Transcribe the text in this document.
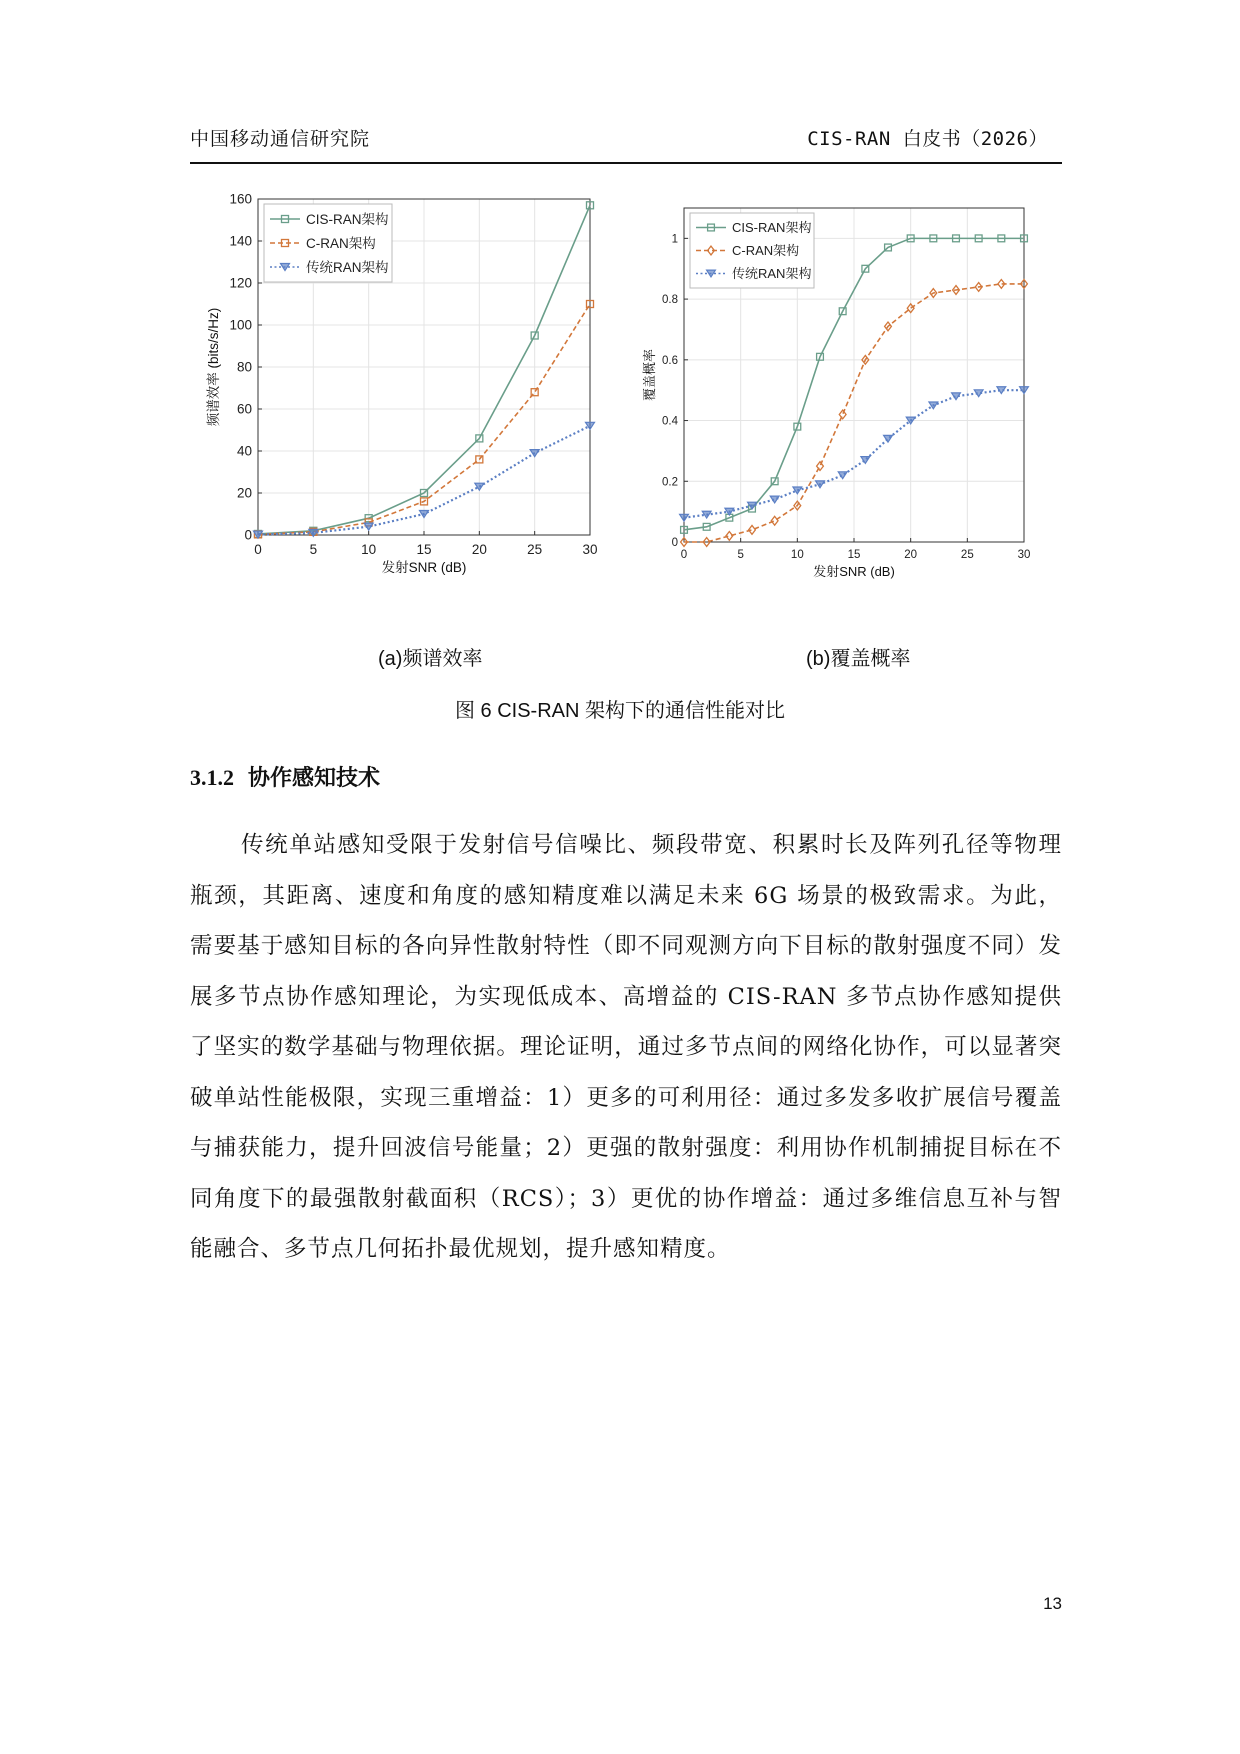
中国移动通信研究院	CIS-RAN 白皮书（2026）
0	5	10	15	20	25	30
0
20
40
60
80
100
120
140
160
发射SNR (dB)
频谱效率 (bits/s/Hz)
CIS-RAN架构
C-RAN架构
传统RAN架构
0	5	10	15	20	25	30
0
0.2
0.4
0.6
0.8
1
发射SNR (dB)
覆盖概率
CIS-RAN架构
C-RAN架构
传统RAN架构
(a)频谱效率	(b)覆盖概率
图 6 CIS-RAN 架构下的通信性能对比
3.1.2 协作感知技术
传统单站感知受限于发射信号信噪比、频段带宽、积累时长及阵列孔径等物理瓶颈，其距离、速度和角度的感知精度难以满足未来 6G 场景的极致需求。为此，需要基于感知目标的各向异性散射特性（即不同观测方向下目标的散射强度不同）发展多节点协作感知理论，为实现低成本、高增益的 CIS-RAN 多节点协作感知提供了坚实的数学基础与物理依据。理论证明，通过多节点间的网络化协作，可以显著突破单站性能极限，实现三重增益：1）更多的可利用径：通过多发多收扩展信号覆盖与捕获能力，提升回波信号能量；2）更强的散射强度：利用协作机制捕捉目标在不同角度下的最强散射截面积（RCS）；3）更优的协作增益：通过多维信息互补与智能融合、多节点几何拓扑最优规划，提升感知精度。
13
